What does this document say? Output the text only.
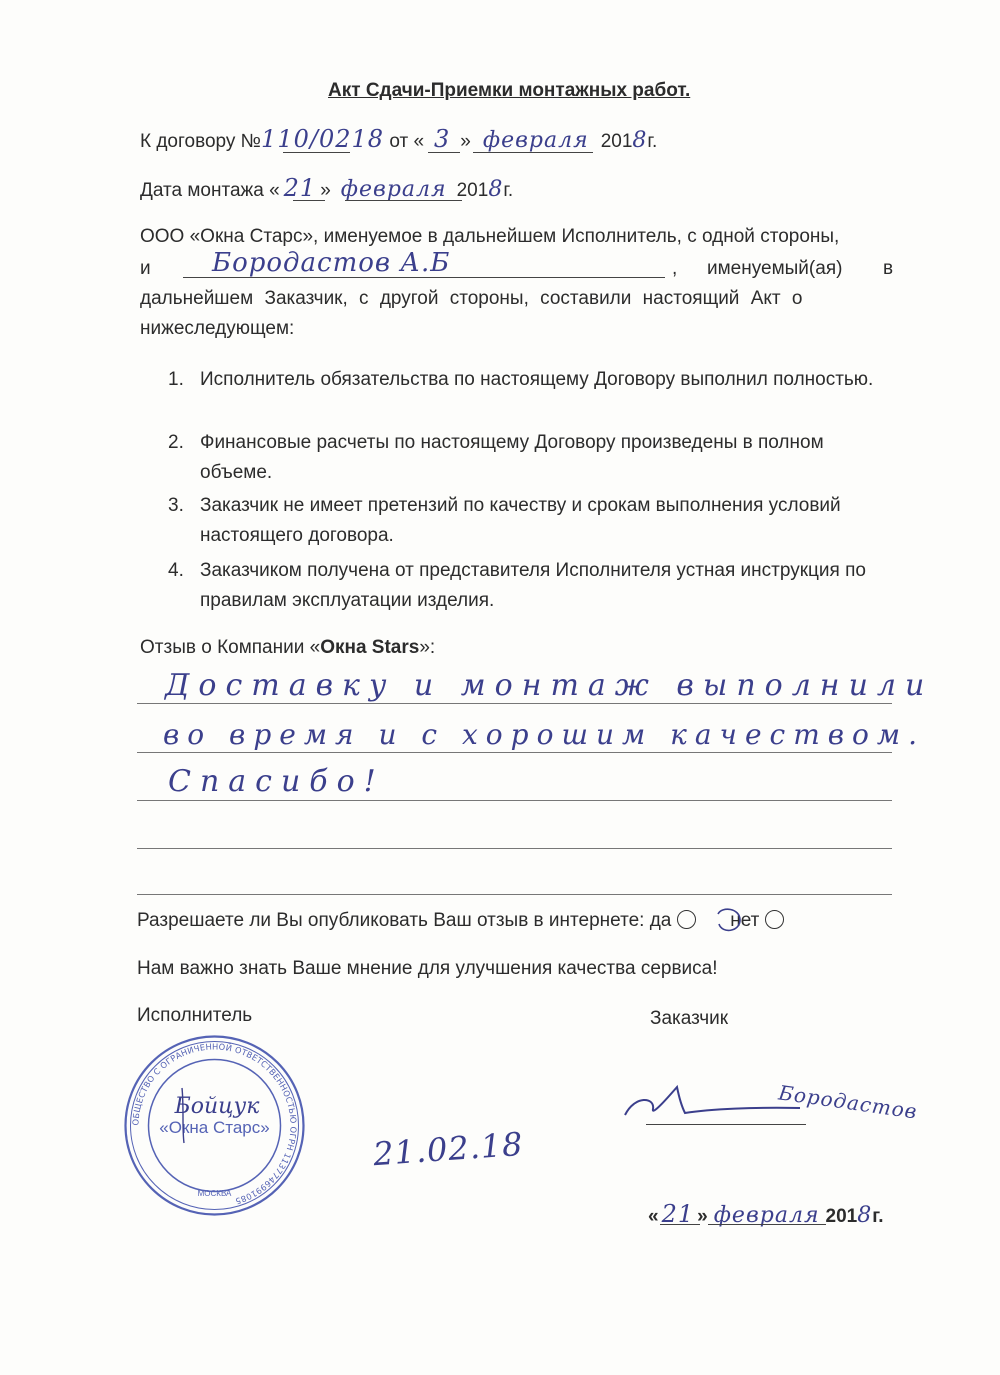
Акт Сдачи-Приемки монтажных работ.
К договору №110/0218 от « 3 » февраля 2018г.
Дата монтажа « 21 » февраля 2018г.
ООО «Окна Старс», именуемое в дальнейшем Исполнитель, с одной стороны,
и Бородастов А.Б	, именуемый(ая) в
дальнейшем Заказчик, с другой стороны, составили настоящий Акт о
нижеследующем:
1. Исполнитель обязательства по настоящему Договору выполнил полностью.
2. Финансовые расчеты по настоящему Договору произведены в полном объеме.
3. Заказчик не имеет претензий по качеству и срокам выполнения условий настоящего договора.
4. Заказчиком получена от представителя Исполнителя устная инструкция по правилам эксплуатации изделия.
Отзыв о Компании «Окна Stars»:
Доставку и монтаж выполнили
во время и с хорошим качеством.
Спасибо!
Разрешаете ли Вы опубликовать Ваш отзыв в интернете: да	нет
Нам важно знать Ваше мнение для улучшения качества сервиса!
Исполнитель	Заказчик
ОБЩЕСТВО С ОГРАНИЧЕННОЙ ОТВЕТСТВЕННОСТЬЮ ОГРН 1137746991085
«Окна Старс»
МОСКВА
Бойцук
21.02.18
Бородастов
« 21 » февраля 2018г.
